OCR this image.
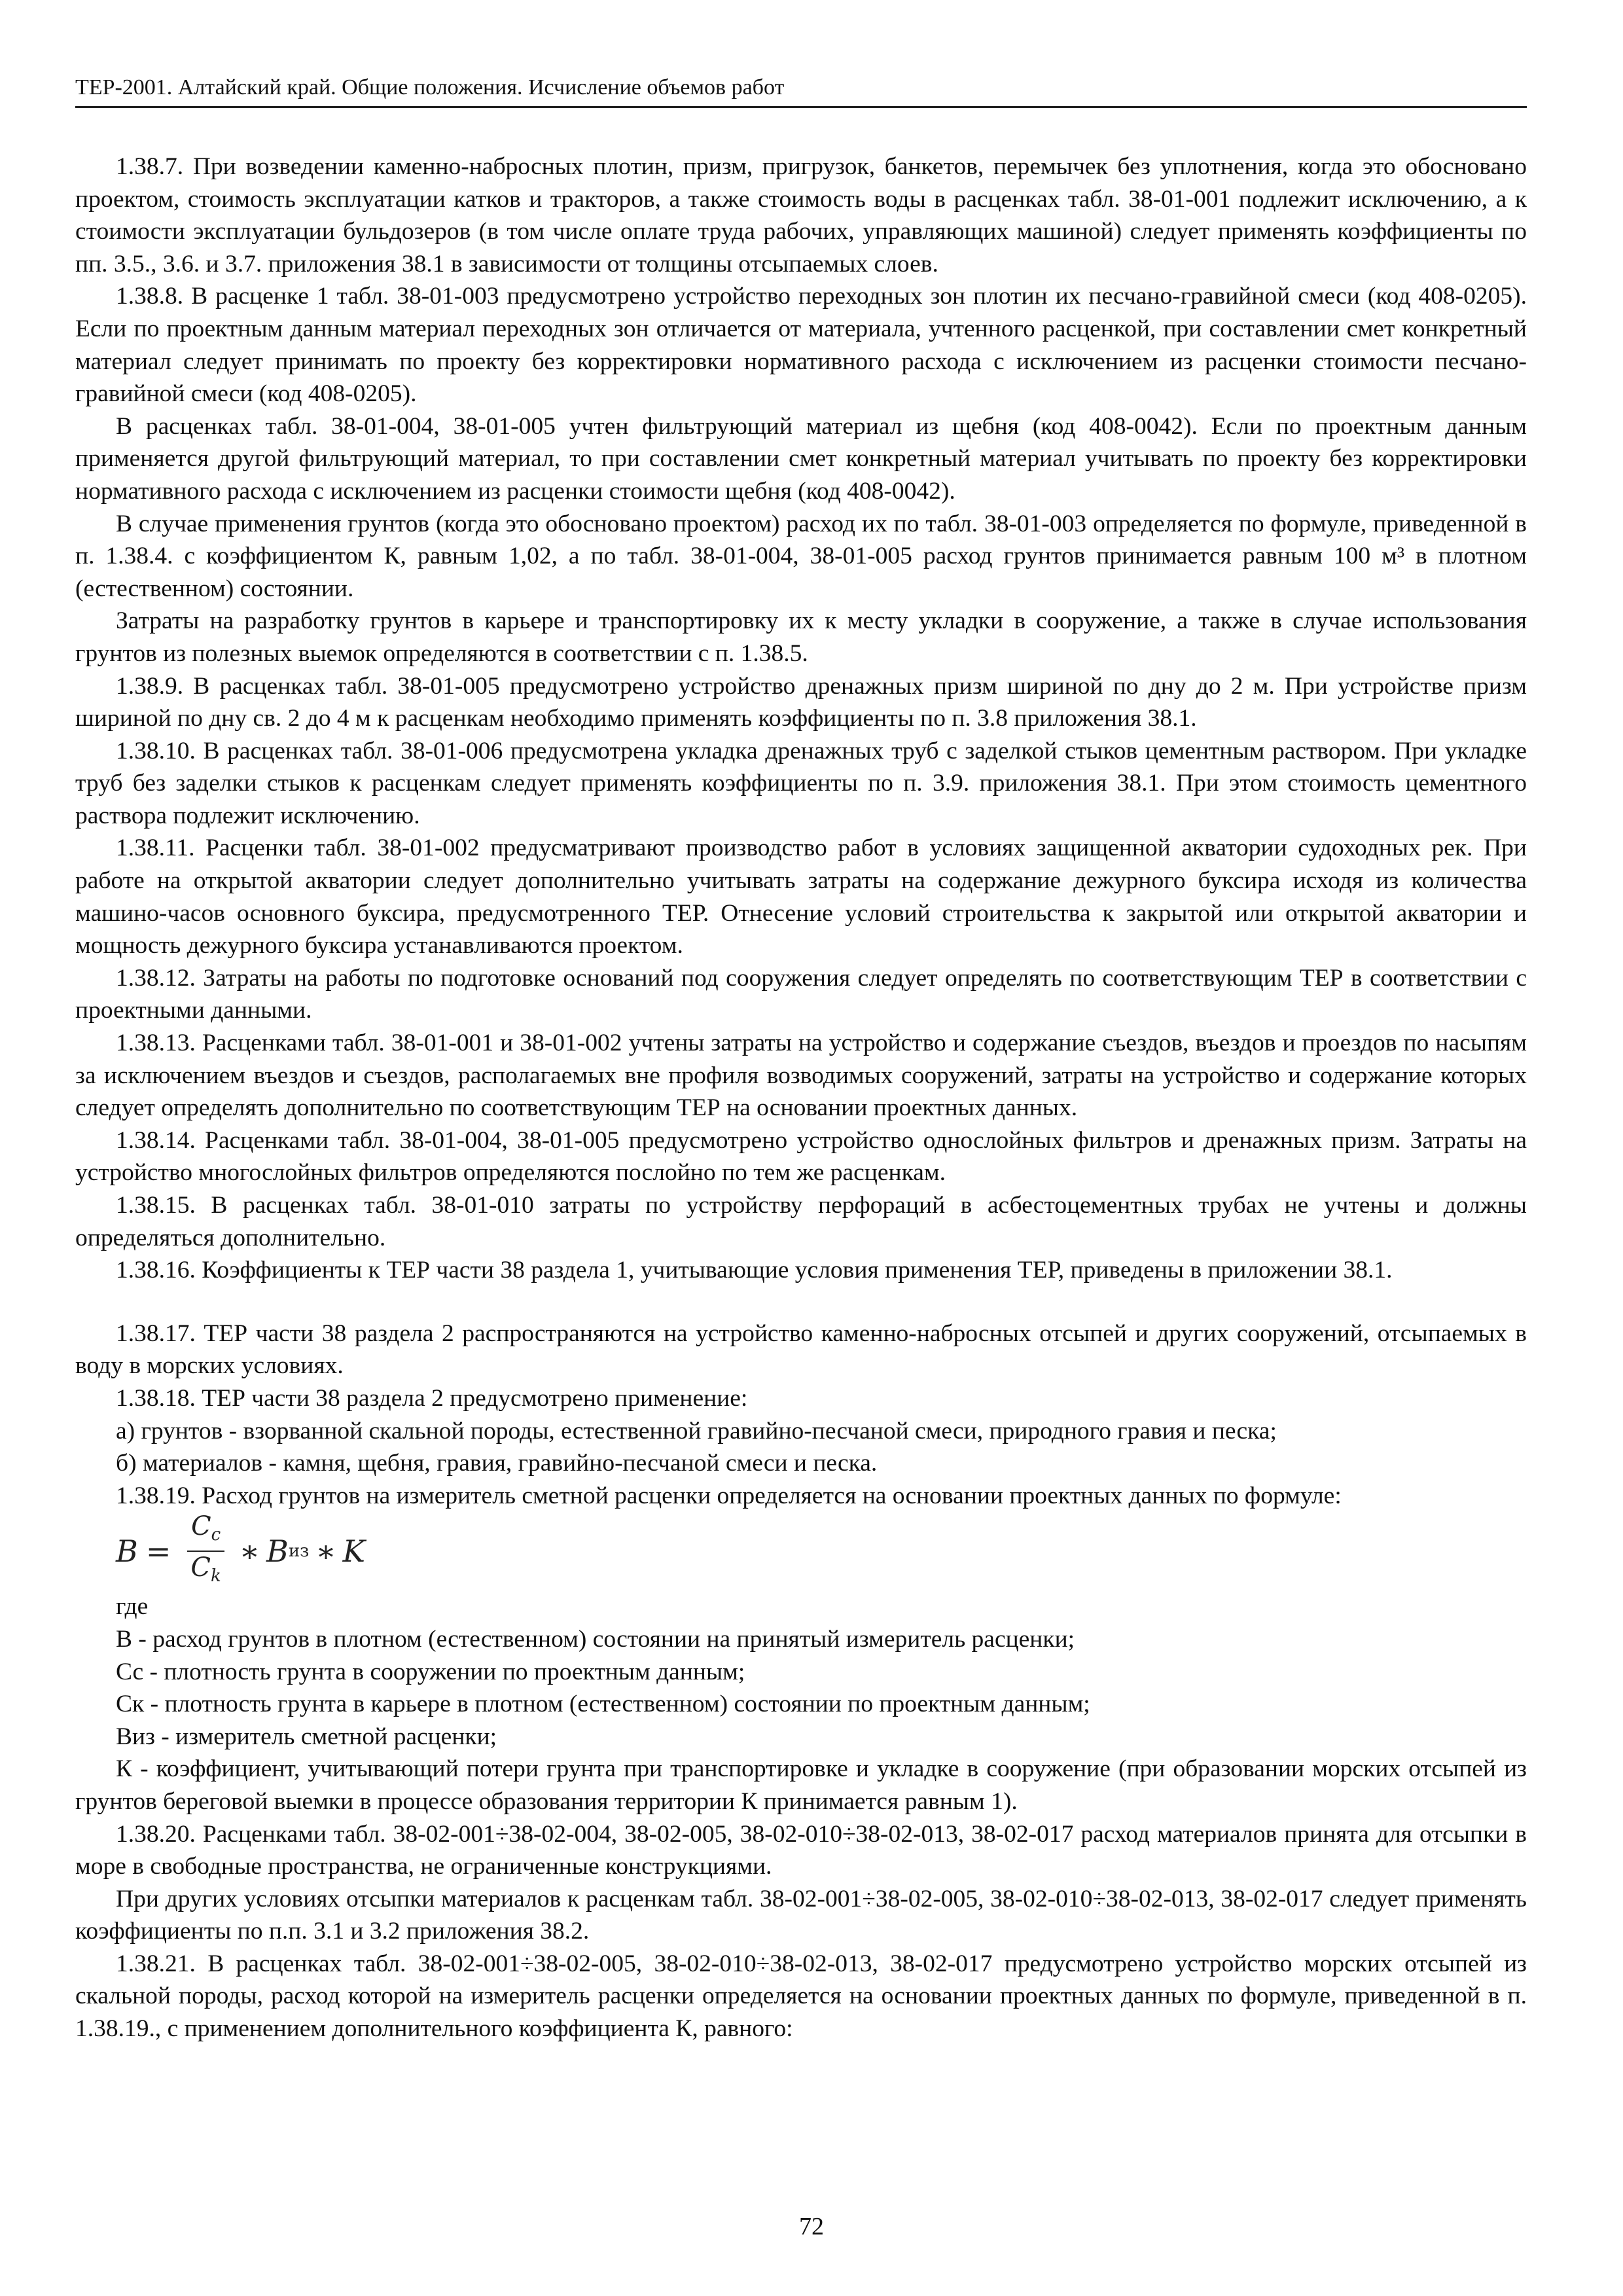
ТЕР-2001. Алтайский край. Общие положения. Исчисление объемов работ

1.38.7. При возведении каменно-набросных плотин, призм, пригрузок, банкетов, перемычек без уплотнения, когда это обосновано проектом, стоимость эксплуатации катков и тракторов, а также стоимость воды в расценках табл. 38-01-001 подлежит исключению, а к стоимости эксплуатации бульдозеров (в том числе оплате труда рабочих, управляющих машиной) следует применять коэффициенты по пп. 3.5., 3.6. и 3.7. приложения 38.1 в зависимости от толщины отсыпаемых слоев.

1.38.8. В расценке 1 табл. 38-01-003 предусмотрено устройство переходных зон плотин их песчано-гравийной смеси (код 408-0205). Если по проектным данным материал переходных зон отличается от материала, учтенного расценкой, при составлении смет конкретный материал следует принимать по проекту без корректировки нормативного расхода с исключением из расценки стоимости песчано-гравийной смеси (код 408-0205).

В расценках табл. 38-01-004, 38-01-005 учтен фильтрующий материал из щебня (код 408-0042). Если по проектным данным применяется другой фильтрующий материал, то при составлении смет конкретный материал учитывать по проекту без корректировки нормативного расхода с исключением из расценки стоимости щебня (код 408-0042).

В случае применения грунтов (когда это обосновано проектом) расход их по табл. 38-01-003 определяется по формуле, приведенной в п. 1.38.4. с коэффициентом К, равным 1,02, а по табл. 38-01-004, 38-01-005 расход грунтов принимается равным 100 м³ в плотном (естественном) состоянии.

Затраты на разработку грунтов в карьере и транспортировку их к месту укладки в сооружение, а также в случае использования грунтов из полезных выемок определяются в соответствии с п. 1.38.5.

1.38.9. В расценках табл. 38-01-005 предусмотрено устройство дренажных призм шириной по дну до 2 м. При устройстве призм шириной по дну св. 2 до 4 м к расценкам необходимо применять коэффициенты по п. 3.8 приложения 38.1.

1.38.10. В расценках табл. 38-01-006 предусмотрена укладка дренажных труб с заделкой стыков цементным раствором. При укладке труб без заделки стыков к расценкам следует применять коэффициенты по п. 3.9. приложения 38.1. При этом стоимость цементного раствора подлежит исключению.

1.38.11. Расценки табл. 38-01-002 предусматривают производство работ в условиях защищенной акватории судоходных рек. При работе на открытой акватории следует дополнительно учитывать затраты на содержание дежурного буксира исходя из количества машино-часов основного буксира, предусмотренного ТЕР. Отнесение условий строительства к закрытой или открытой акватории и мощность дежурного буксира устанавливаются проектом.

1.38.12. Затраты на работы по подготовке оснований под сооружения следует определять по соответствующим ТЕР в соответствии с проектными данными.

1.38.13. Расценками табл. 38-01-001 и 38-01-002 учтены затраты на устройство и содержание съездов, въездов и проездов по насыпям за исключением въездов и съездов, располагаемых вне профиля возводимых сооружений, затраты на устройство и содержание которых следует определять дополнительно по соответствующим ТЕР на основании проектных данных.

1.38.14. Расценками табл. 38-01-004, 38-01-005 предусмотрено устройство однослойных фильтров и дренажных призм. Затраты на устройство многослойных фильтров определяются послойно по тем же расценкам.

1.38.15. В расценках табл. 38-01-010 затраты по устройству перфораций в асбестоцементных трубах не учтены и должны определяться дополнительно.

1.38.16. Коэффициенты к ТЕР части 38 раздела 1, учитывающие условия применения ТЕР, приведены в приложении 38.1.

1.38.17. ТЕР части 38 раздела 2 распространяются на устройство каменно-набросных отсыпей и других сооружений, отсыпаемых в воду в морских условиях.

1.38.18. ТЕР части 38 раздела 2 предусмотрено применение:

а) грунтов - взорванной скальной породы, естественной гравийно-песчаной смеси, природного гравия и песка;

б) материалов - камня, щебня, гравия, гравийно-песчаной смеси и песка.

1.38.19. Расход грунтов на измеритель сметной расценки определяется на основании проектных данных по формуле:

$B = \frac{C_c}{C_k}$ ∗ B из ∗ K

где

В - расход грунтов в плотном (естественном) состоянии на принятый измеритель расценки;

Сс - плотность грунта в сооружении по проектным данным;

Ск - плотность грунта в карьере в плотном (естественном) состоянии по проектным данным;

Виз - измеритель сметной расценки;

К - коэффициент, учитывающий потери грунта при транспортировке и укладке в сооружение (при образовании морских отсыпей из грунтов береговой выемки в процессе образования территории К принимается равным 1).

1.38.20. Расценками табл. 38-02-001÷38-02-004, 38-02-005, 38-02-010÷38-02-013, 38-02-017 расход материалов принята для отсыпки в море в свободные пространства, не ограниченные конструкциями.

При других условиях отсыпки материалов к расценкам табл. 38-02-001÷38-02-005, 38-02-010÷38-02-013, 38-02-017 следует применять коэффициенты по п.п. 3.1 и 3.2 приложения 38.2.

1.38.21. В расценках табл. 38-02-001÷38-02-005, 38-02-010÷38-02-013, 38-02-017 предусмотрено устройство морских отсыпей из скальной породы, расход которой на измеритель расценки определяется на основании проектных данных по формуле, приведенной в п. 1.38.19., с применением дополнительного коэффициента К, равного:

72
